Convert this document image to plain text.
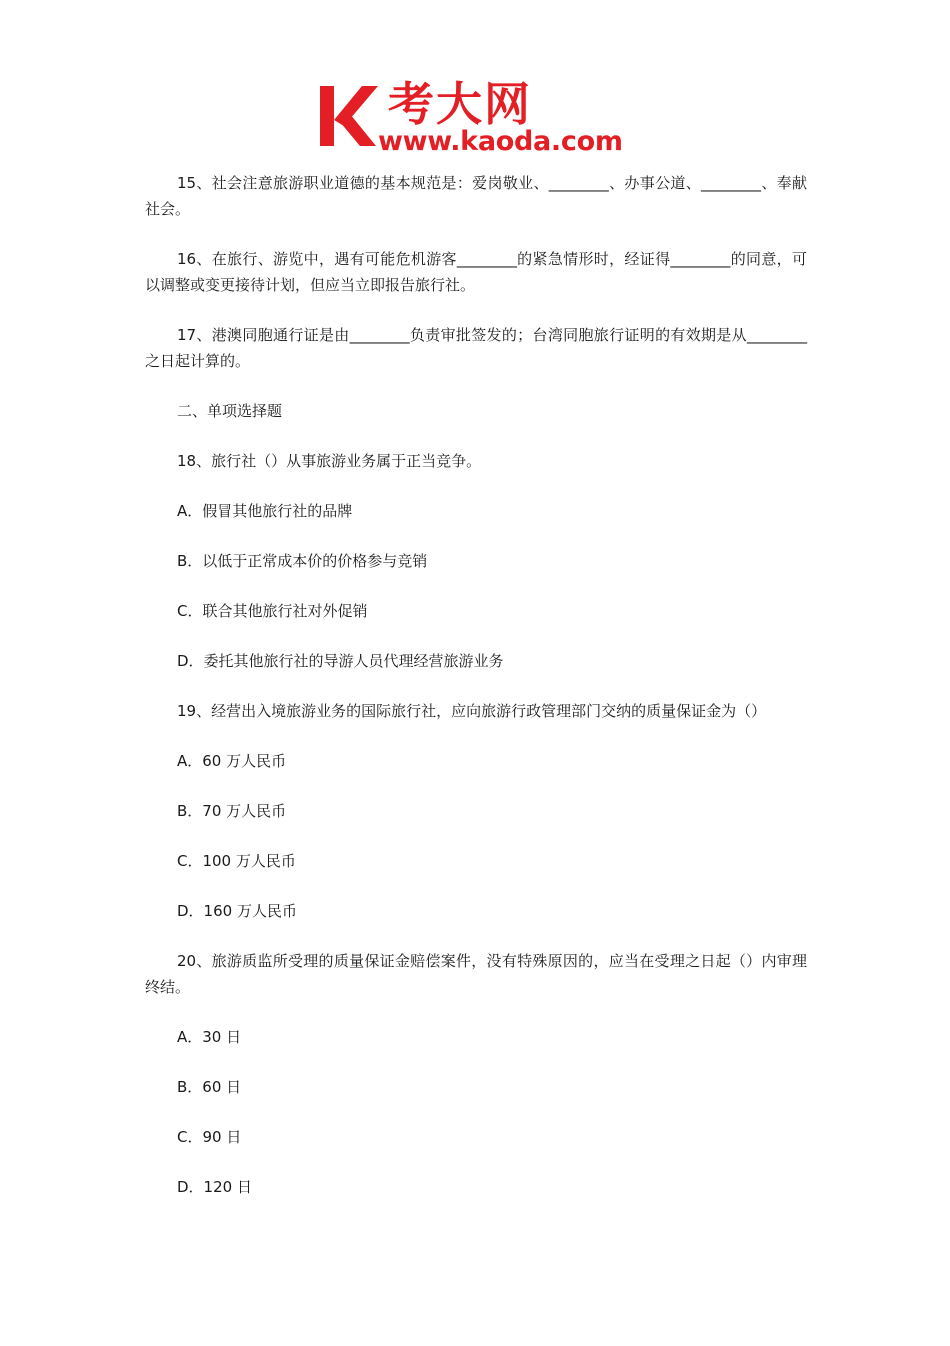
考大网
www.kaoda.com

15、社会注意旅游职业道德的基本规范是：爱岗敬业、________、办事公道、________、奉献社会。

16、在旅行、游览中，遇有可能危机游客________的紧急情形时，经证得________的同意，可以调整或变更接待计划，但应当立即报告旅行社。

17、港澳同胞通行证是由________负责审批签发的；台湾同胞旅行证明的有效期是从________之日起计算的。

二、单项选择题

18、旅行社（）从事旅游业务属于正当竞争。

A．假冒其他旅行社的品牌

B．以低于正常成本价的价格参与竞销

C．联合其他旅行社对外促销

D．委托其他旅行社的导游人员代理经营旅游业务

19、经营出入境旅游业务的国际旅行社，应向旅游行政管理部门交纳的质量保证金为（）

A．60 万人民币

B．70 万人民币

C．100 万人民币

D．160 万人民币

20、旅游质监所受理的质量保证金赔偿案件，没有特殊原因的，应当在受理之日起（）内审理终结。

A．30 日

B．60 日

C．90 日

D．120 日
